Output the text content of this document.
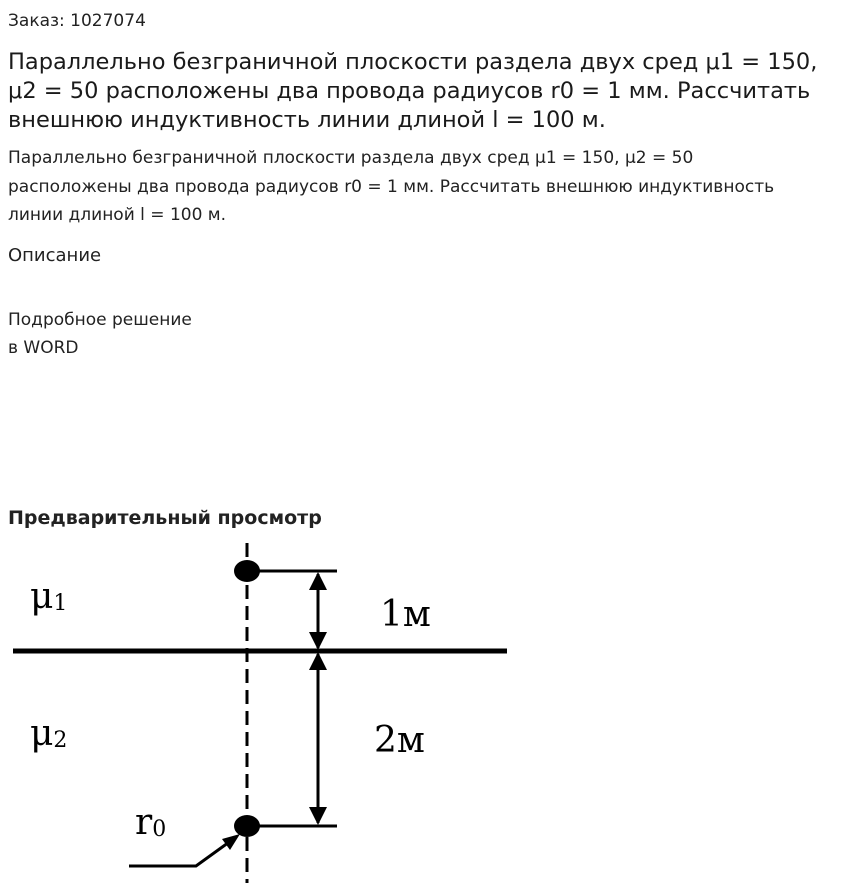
Заказ: 1027074
Параллельно безграничной плоскости раздела двух сред μ1 = 150, μ2 = 50 расположены два провода радиусов r0 = 1 мм. Рассчитать внешнюю индуктивность линии длиной l = 100 м.

Параллельно безграничной плоскости раздела двух сред μ1 = 150, μ2 = 50 расположены два провода радиусов r0 = 1 мм. Рассчитать внешнюю индуктивность линии длиной l = 100 м.

Описание
Подробное решение
в WORD
Предварительный просмотр
μ1
μ2
1м
2м
r0
